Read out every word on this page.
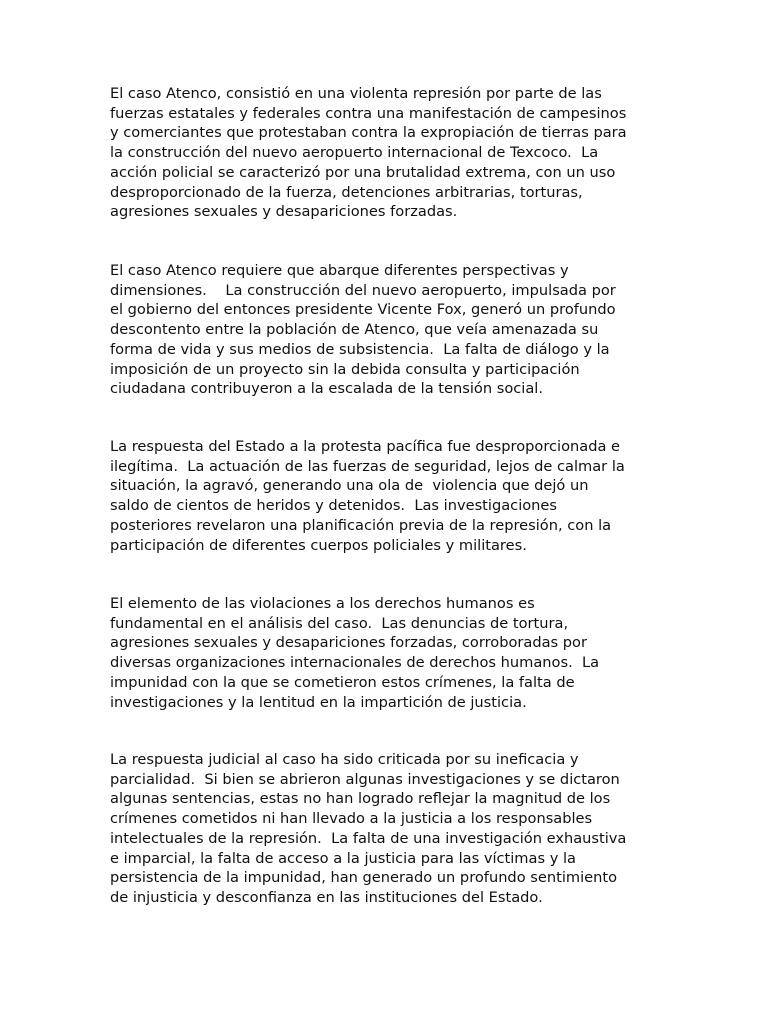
El caso Atenco, consistió en una violenta represión por parte de las
fuerzas estatales y federales contra una manifestación de campesinos
y comerciantes que protestaban contra la expropiación de tierras para
la construcción del nuevo aeropuerto internacional de Texcoco.  La
acción policial se caracterizó por una brutalidad extrema, con un uso
desproporcionado de la fuerza, detenciones arbitrarias, torturas,
agresiones sexuales y desapariciones forzadas.

El caso Atenco requiere que abarque diferentes perspectivas y
dimensiones.    La construcción del nuevo aeropuerto, impulsada por
el gobierno del entonces presidente Vicente Fox, generó un profundo
descontento entre la población de Atenco, que veía amenazada su
forma de vida y sus medios de subsistencia.  La falta de diálogo y la
imposición de un proyecto sin la debida consulta y participación
ciudadana contribuyeron a la escalada de la tensión social.

La respuesta del Estado a la protesta pacífica fue desproporcionada e
ilegítima.  La actuación de las fuerzas de seguridad, lejos de calmar la
situación, la agravó, generando una ola de  violencia que dejó un
saldo de cientos de heridos y detenidos.  Las investigaciones
posteriores revelaron una planificación previa de la represión, con la
participación de diferentes cuerpos policiales y militares.

El elemento de las violaciones a los derechos humanos es
fundamental en el análisis del caso.  Las denuncias de tortura,
agresiones sexuales y desapariciones forzadas, corroboradas por
diversas organizaciones internacionales de derechos humanos.  La
impunidad con la que se cometieron estos crímenes, la falta de
investigaciones y la lentitud en la impartición de justicia.

La respuesta judicial al caso ha sido criticada por su ineficacia y
parcialidad.  Si bien se abrieron algunas investigaciones y se dictaron
algunas sentencias, estas no han logrado reflejar la magnitud de los
crímenes cometidos ni han llevado a la justicia a los responsables
intelectuales de la represión.  La falta de una investigación exhaustiva
e imparcial, la falta de acceso a la justicia para las víctimas y la
persistencia de la impunidad, han generado un profundo sentimiento
de injusticia y desconfianza en las instituciones del Estado.
